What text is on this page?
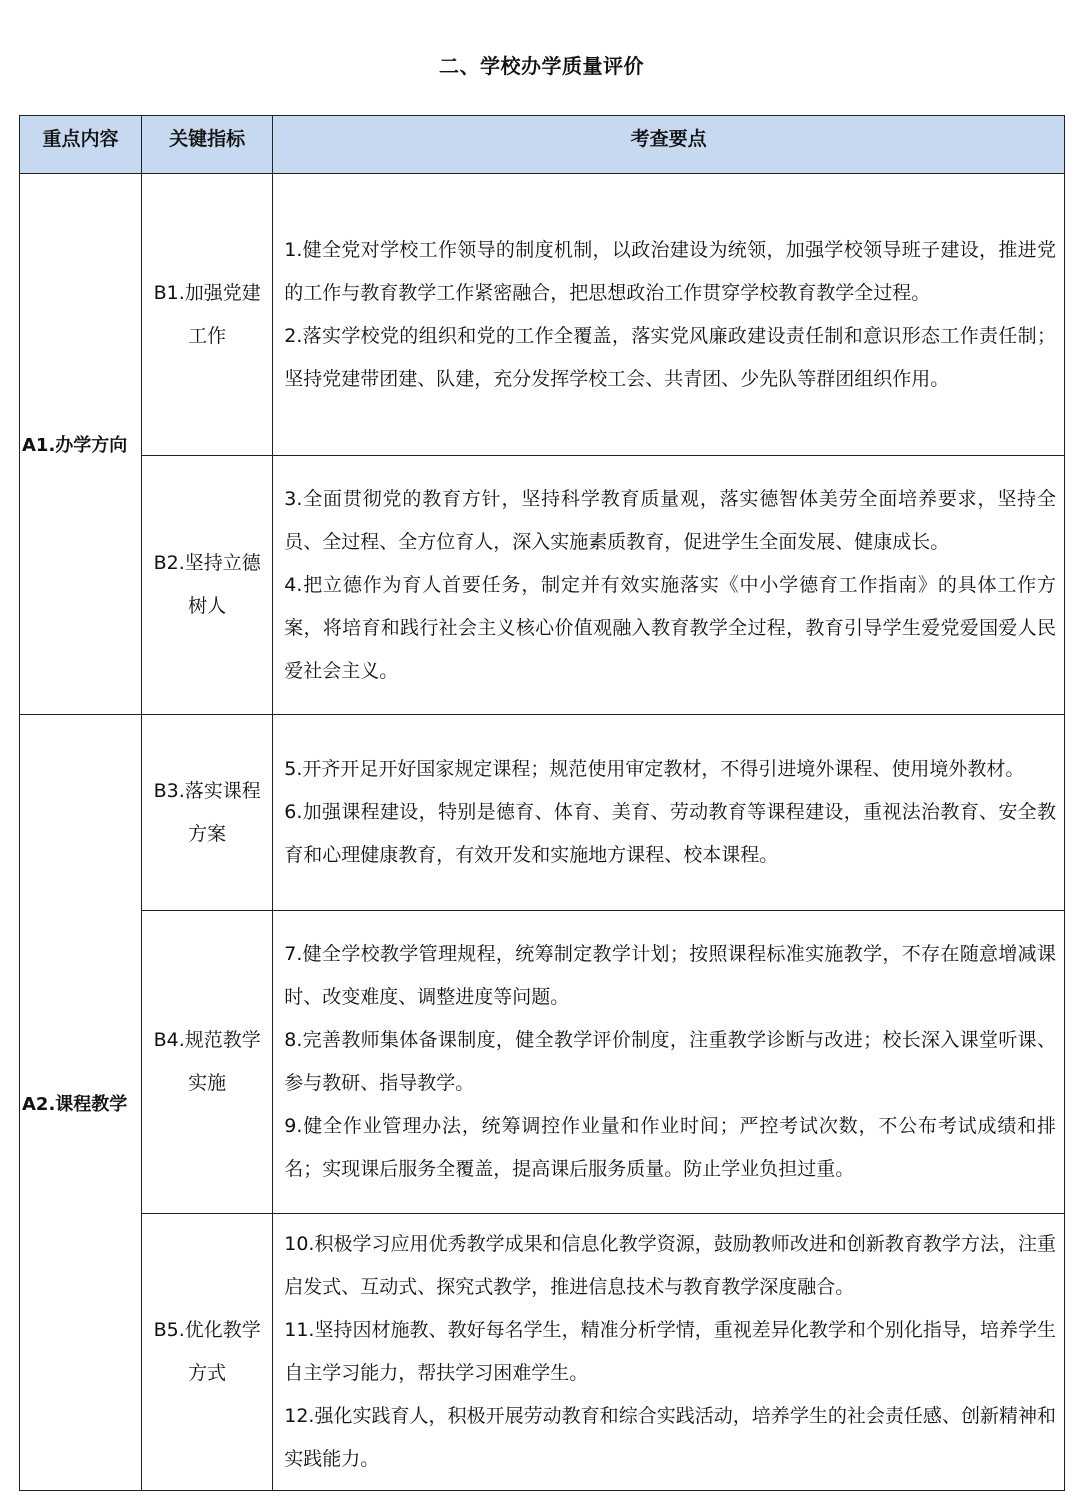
二、学校办学质量评价
重点内容	关键指标	考查要点
A1.办学方向	B1.加强党建工作	1.健全党对学校工作领导的制度机制，以政治建设为统领，加强学校领导班子建设，推进党的工作与教育教学工作紧密融合，把思想政治工作贯穿学校教育教学全过程。

2.落实学校党的组织和党的工作全覆盖，落实党风廉政建设责任制和意识形态工作责任制；坚持党建带团建、队建，充分发挥学校工会、共青团、少先队等群团组织作用。

	B2.坚持立德树人	3.全面贯彻党的教育方针，坚持科学教育质量观，落实德智体美劳全面培养要求，坚持全员、全过程、全方位育人，深入实施素质教育，促进学生全面发展、健康成长。

4.把立德作为育人首要任务，制定并有效实施落实《中小学德育工作指南》的具体工作方案，将培育和践行社会主义核心价值观融入教育教学全过程，教育引导学生爱党爱国爱人民爱社会主义。

A2.课程教学	B3.落实课程方案	5.开齐开足开好国家规定课程；规范使用审定教材，不得引进境外课程、使用境外教材。

6.加强课程建设，特别是德育、体育、美育、劳动教育等课程建设，重视法治教育、安全教育和心理健康教育，有效开发和实施地方课程、校本课程。

	B4.规范教学实施	7.健全学校教学管理规程，统筹制定教学计划；按照课程标准实施教学，不存在随意增减课时、改变难度、调整进度等问题。

8.完善教师集体备课制度，健全教学评价制度，注重教学诊断与改进；校长深入课堂听课、参与教研、指导教学。

9.健全作业管理办法，统筹调控作业量和作业时间；严控考试次数，不公布考试成绩和排名；实现课后服务全覆盖，提高课后服务质量。防止学业负担过重。

	B5.优化教学方式	10.积极学习应用优秀教学成果和信息化教学资源，鼓励教师改进和创新教育教学方法，注重启发式、互动式、探究式教学，推进信息技术与教育教学深度融合。

11.坚持因材施教、教好每名学生，精准分析学情，重视差异化教学和个别化指导，培养学生自主学习能力，帮扶学习困难学生。

12.强化实践育人，积极开展劳动教育和综合实践活动，培养学生的社会责任感、创新精神和实践能力。
